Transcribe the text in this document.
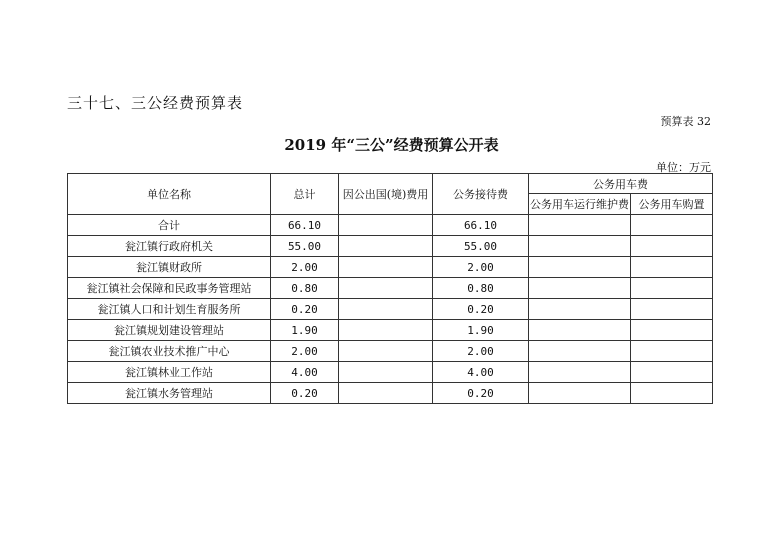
三十七、三公经费预算表
预算表 32
2019 年“三公”经费预算公开表
单位：万元
单位名称	总计	因公出国(境)费用	公务接待费	公务用车费	
				公务用车运行维护费	公务用车购置
合计	66.10		66.10		
瓮江镇行政府机关	55.00		55.00		
瓮江镇财政所	2.00		2.00		
瓮江镇社会保障和民政事务管理站	0.80		0.80		
瓮江镇人口和计划生育服务所	0.20		0.20		
瓮江镇规划建设管理站	1.90		1.90		
瓮江镇农业技术推广中心	2.00		2.00		
瓮江镇林业工作站	4.00		4.00		
瓮江镇水务管理站	0.20		0.20		
